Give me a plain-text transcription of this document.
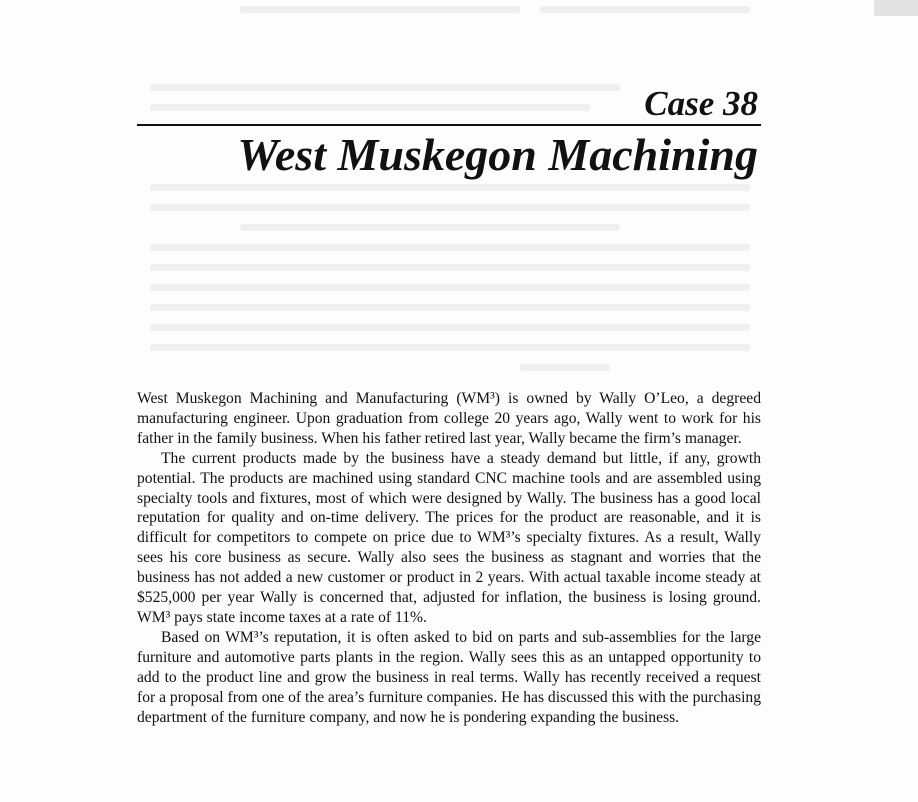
Case 38
West Muskegon Machining

West Muskegon Machining and Manufacturing (WM³) is owned by Wally O’Leo, a degreed manufacturing engineer. Upon graduation from college 20 years ago, Wally went to work for his father in the family business. When his father retired last year, Wally became the firm’s manager.

The current products made by the business have a steady demand but little, if any, growth potential. The products are machined using standard CNC machine tools and are assembled using specialty tools and fixtures, most of which were designed by Wally. The business has a good local reputation for quality and on-time delivery. The prices for the product are reasonable, and it is difficult for competitors to compete on price due to WM³’s specialty fixtures. As a result, Wally sees his core business as secure. Wally also sees the business as stagnant and worries that the business has not added a new customer or product in 2 years. With actual taxable income steady at $525,000 per year Wally is concerned that, adjusted for inflation, the business is losing ground. WM³ pays state income taxes at a rate of 11%.

Based on WM³’s reputation, it is often asked to bid on parts and sub-assemblies for the large furniture and automotive parts plants in the region. Wally sees this as an untapped opportunity to add to the product line and grow the business in real terms. Wally has recently received a request for a proposal from one of the area’s furniture companies. He has discussed this with the purchasing department of the furniture company, and now he is pondering expanding the business.
